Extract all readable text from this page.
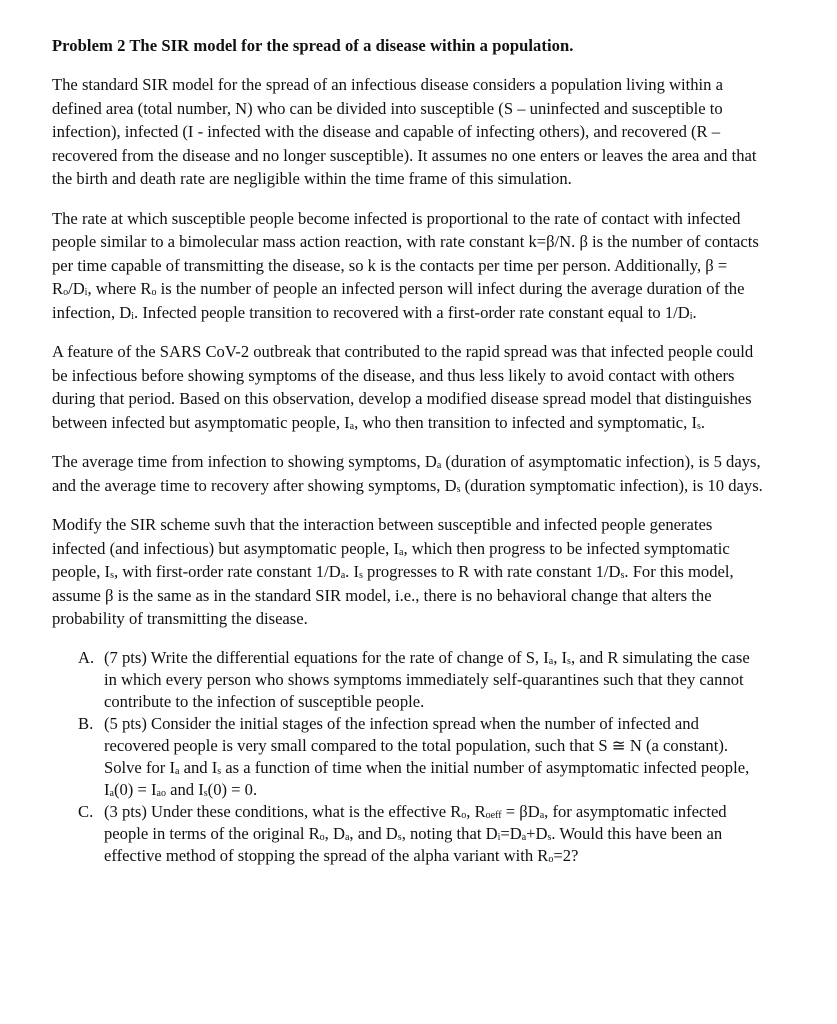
Problem 2 The SIR model for the spread of a disease within a population.

The standard SIR model for the spread of an infectious disease considers a population living within a defined area (total number, N) who can be divided into susceptible (S – uninfected and susceptible to infection), infected (I - infected with the disease and capable of infecting others), and recovered (R – recovered from the disease and no longer susceptible). It assumes no one enters or leaves the area and that the birth and death rate are negligible within the time frame of this simulation.

The rate at which susceptible people become infected is proportional to the rate of contact with infected people similar to a bimolecular mass action reaction, with rate constant k=β/N. β is the number of contacts per time capable of transmitting the disease, so k is the contacts per time per person. Additionally, $\beta = R_o/D_i$, where $R_o$ is the number of people an infected person will infect during the average duration of the infection, $D_i$. Infected people transition to recovered with a first-order rate constant equal to $1/D_i$.

A feature of the SARS CoV-2 outbreak that contributed to the rapid spread was that infected people could be infectious before showing symptoms of the disease, and thus less likely to avoid contact with others during that period. Based on this observation, develop a modified disease spread model that distinguishes between infected but asymptomatic people, $I_a$, who then transition to infected and symptomatic, $I_s$.

The average time from infection to showing symptoms, $D_a$ (duration of asymptomatic infection), is 5 days, and the average time to recovery after showing symptoms, $D_s$ (duration symptomatic infection), is 10 days.

Modify the SIR scheme suvh that the interaction between susceptible and infected people generates infected (and infectious) but asymptomatic people, $I_a$, which then progress to be infected symptomatic people, $I_s$, with first-order rate constant $1/D_a$. $I_s$ progresses to R with rate constant $1/D_s$. For this model, assume β is the same as in the standard SIR model, i.e., there is no behavioral change that alters the probability of transmitting the disease.

A. (7 pts) Write the differential equations for the rate of change of S, $I_a$, $I_s$, and R simulating the case in which every person who shows symptoms immediately self-quarantines such that they cannot contribute to the infection of susceptible people.
B. (5 pts) Consider the initial stages of the infection spread when the number of infected and recovered people is very small compared to the total population, such that S ≅ N (a constant). Solve for $I_a$ and $I_s$ as a function of time when the initial number of asymptomatic infected people, $I_a(0) = I_{ao}$ and $I_s(0) = 0$.
C. (3 pts) Under these conditions, what is the effective $R_o$, $R_{oeff} = \beta D_a$, for asymptomatic infected people in terms of the original $R_o$, $D_a$, and $D_s$, noting that $D_i=D_a+D_s$. Would this have been an effective method of stopping the spread of the alpha variant with $R_o=2$?
